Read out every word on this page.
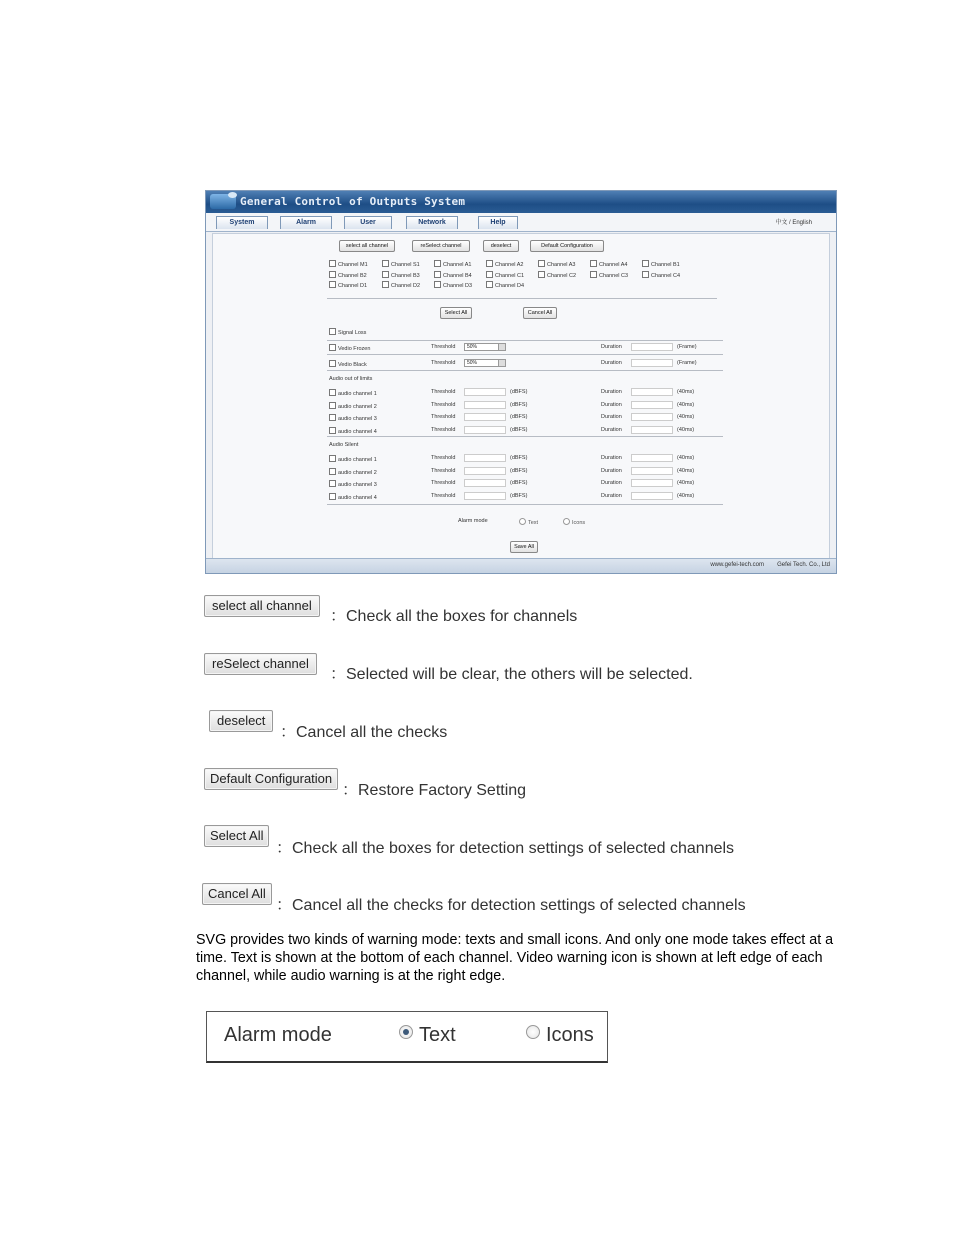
General Control of Outputs System
System	Alarm	User	Network	Help	中文 / English
select all channel	reSelect channel	deselect	Default Configuration
Channel M1	Channel S1	Channel A1	Channel A2	Channel A3	Channel A4	Channel B1
Channel B2	Channel B3	Channel B4	Channel C1	Channel C2	Channel C3	Channel C4
Channel D1	Channel D2	Channel D3	Channel D4
Select All	Cancel All
Signal Loss
Vedio Frozen	Threshold	50%	Duration	(Frame)
Vedio Black	Threshold	50%	Duration	(Frame)
Audio out of limits
audio channel 1	Threshold	(dBFS)	Duration	(40ms)
audio channel 2	Threshold	(dBFS)	Duration	(40ms)
audio channel 3	Threshold	(dBFS)	Duration	(40ms)
audio channel 4	Threshold	(dBFS)	Duration	(40ms)
Audio Silent
audio channel 1	Threshold	(dBFS)	Duration	(40ms)
audio channel 2	Threshold	(dBFS)	Duration	(40ms)
audio channel 3	Threshold	(dBFS)	Duration	(40ms)
audio channel 4	Threshold	(dBFS)	Duration	(40ms)
Alarm mode	Text	Icons
Save All
www.gefei-tech.com Gefei Tech. Co., Ltd
select all channel
：Check all the boxes for channels
reSelect channel
：Selected will be clear, the others will be selected.
deselect
：Cancel all the checks
Default Configuration
：Restore Factory Setting
Select All
：Check all the boxes for detection settings of selected channels
Cancel All
：Cancel all the checks for detection settings of selected channels
SVG provides two kinds of warning mode: texts and small icons. And only one mode takes effect at a time. Text is shown at the bottom of each channel. Video warning icon is shown at left edge of each channel, while audio warning is at the right edge.
Alarm mode	Text	Icons
